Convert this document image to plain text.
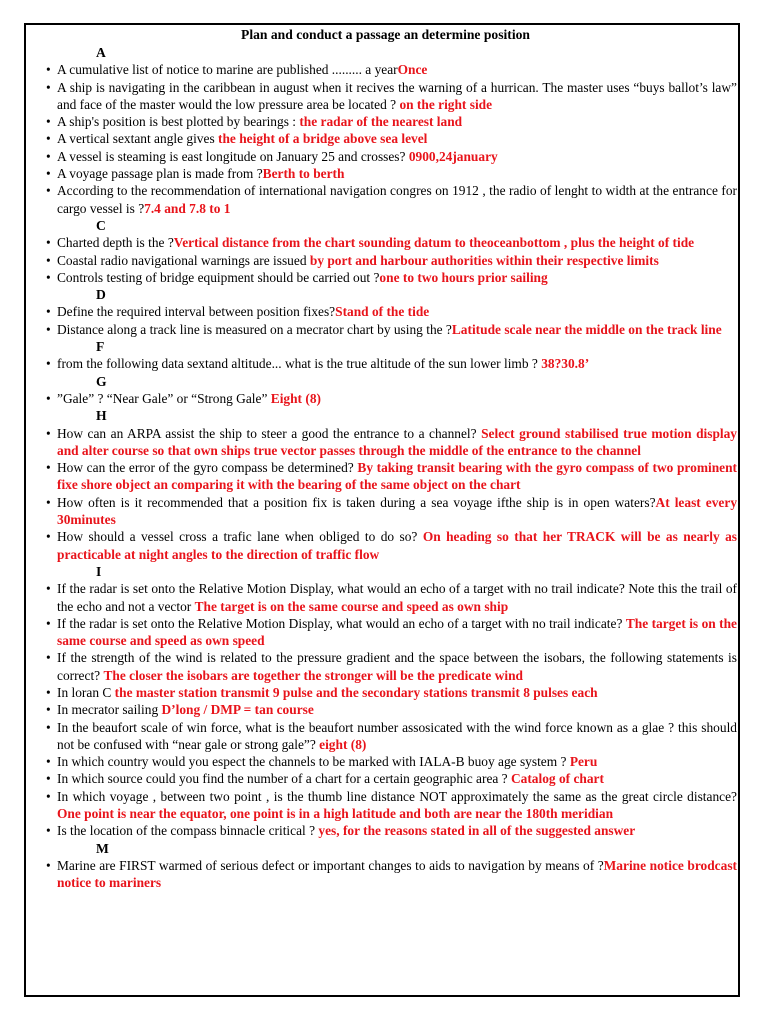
Plan and conduct a passage an determine position
A
• A cumulative list of notice to marine are published ......... a yearOnce
• A ship is navigating in the caribbean in august when it recives the warning of a hurrican. The master uses “buys ballot’s law” and face of the master would the low pressure area be located ? on the right side
• A ship's position is best plotted by bearings : the radar of the nearest land
• A vertical sextant angle gives the height of a bridge above sea level
• A vessel is steaming is east longitude on January 25 and crosses? 0900,24january
• A voyage passage plan is made from ?Berth to berth
• According to the recommendation of international navigation congres on 1912 , the radio of lenght to width at the entrance for cargo vessel is ?7.4 and 7.8 to 1
C
• Charted depth is the ?Vertical distance from the chart sounding datum to theoceanbottom , plus the height of tide
• Coastal radio navigational warnings are issued by port and harbour authorities within their respective limits
• Controls testing of bridge equipment should be carried out ?one to two hours prior sailing
D
• Define the required interval between position fixes?Stand of the tide
• Distance along a track line is measured on a mecrator chart by using the ?Latitude scale near the middle on the track line
F
• from the following data sextand altitude... what is the true altitude of the sun lower limb ? 38?30.8’
G
• ”Gale” ? “Near Gale” or “Strong Gale” Eight (8)
H
• How can an ARPA assist the ship to steer a good the entrance to a channel? Select ground stabilised true motion display and alter course so that own ships true vector passes through the middle of the entrance to the channel
• How can the error of the gyro compass be determined? By taking transit bearing with the gyro compass of two prominent fixe shore object an comparing it with the bearing of the same object on the chart
• How often is it recommended that a position fix is taken during a sea voyage ifthe ship is in open waters?At least every 30minutes
• How should a vessel cross a trafic lane when obliged to do so? On heading so that her TRACK will be as nearly as practicable at night angles to the direction of traffic flow
I
• If the radar is set onto the Relative Motion Display, what would an echo of a target with no trail indicate? Note this the trail of the echo and not a vector The target is on the same course and speed as own ship
• If the radar is set onto the Relative Motion Display, what would an echo of a target with no trail indicate? The target is on the same course and speed as own speed
• If the strength of the wind is related to the pressure gradient and the space between the isobars, the following statements is correct? The closer the isobars are together the stronger will be the predicate wind
• In loran C the master station transmit 9 pulse and the secondary stations transmit 8 pulses each
• In mecrator sailing D’long / DMP = tan course
• In the beaufort scale of win force, what is the beaufort number assosicated with the wind force known as a glae ? this should not be confused with “near gale or strong gale”? eight (8)
• In which country would you espect the channels to be marked with IALA-B buoy age system ? Peru
• In which source could you find the number of a chart for a certain geographic area ? Catalog of chart
• In which voyage , between two point , is the thumb line distance NOT approximately the same as the great circle distance? One point is near the equator, one point is in a high latitude and both are near the 180th meridian
• Is the location of the compass binnacle critical ? yes, for the reasons stated in all of the suggested answer
M
• Marine are FIRST warmed of serious defect or important changes to aids to navigation by means of ?Marine notice brodcast notice to mariners
